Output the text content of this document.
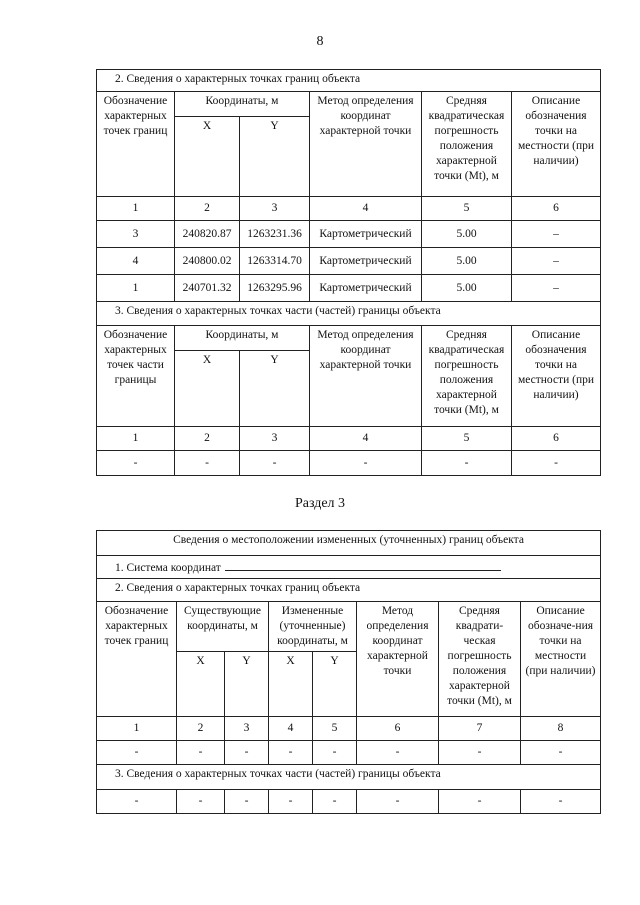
8
2. Сведения о характерных точках границ объекта					
Обозначение характерных точек границ	Координаты, м		Метод определения координат характерной точки	Средняя квадратическая погрешность положения характерной точки (Mt), м	Описание обозначения точки на местности (при наличии)
	X	Y			
1	2	3	4	5	6
3	240820.87	1263231.36	Картометрический	5.00	–
4	240800.02	1263314.70	Картометрический	5.00	–
1	240701.32	1263295.96	Картометрический	5.00	–
3. Сведения о характерных точках части (частей) границы объекта					
Обозначение характерных точек части границы	Координаты, м		Метод определения координат характерной точки	Средняя квадратическая погрешность положения характерной точки (Mt), м	Описание обозначения точки на местности (при наличии)
	X	Y			
1	2	3	4	5	6
-	-	-	-	-	-
Раздел 3
Сведения о местоположении измененных (уточненных) границ объекта							
1. Система координат							
2. Сведения о характерных точках границ объекта							
Обозначение характерных точек границ	Существующие координаты, м		Измененные (уточненные) координаты, м		Метод определения координат характерной точки	Средняя квадрати-ческая погрешность положения характерной точки (Mt), м	Описание обозначе-ния точки на местности (при наличии)
	X	Y	X	Y			
1	2	3	4	5	6	7	8
-	-	-	-	-	-	-	-
3. Сведения о характерных точках части (частей) границы объекта							
-	-	-	-	-	-	-	-
